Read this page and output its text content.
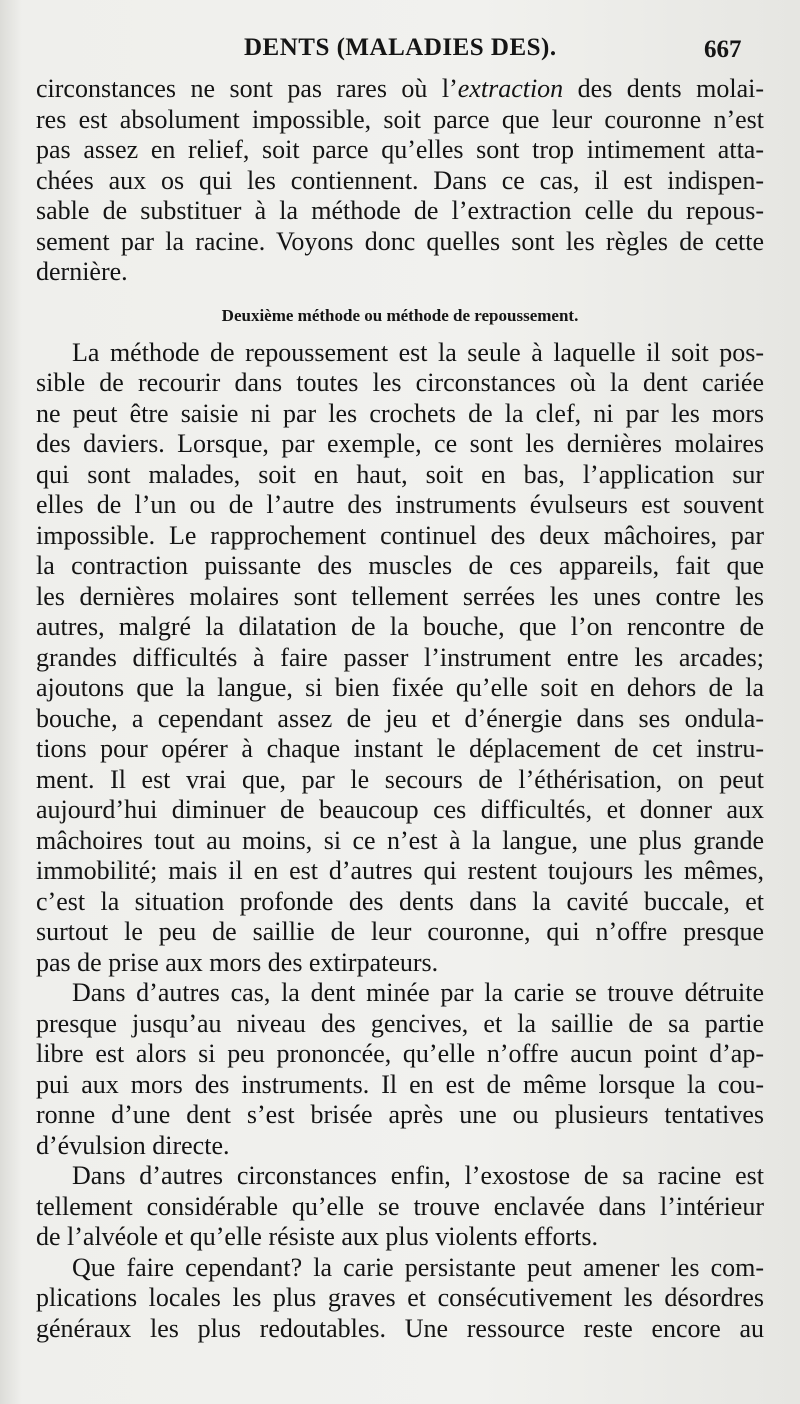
DENTS (MALADIES DES).	667
circonstances ne sont pas rares où l’extraction des dents molai-
res est absolument impossible, soit parce que leur couronne n’est
pas assez en relief, soit parce qu’elles sont trop intimement atta-
chées aux os qui les contiennent. Dans ce cas, il est indispen-
sable de substituer à la méthode de l’extraction celle du repous-
sement par la racine. Voyons donc quelles sont les règles de cette
dernière.
Deuxième méthode ou méthode de repoussement.
La méthode de repoussement est la seule à laquelle il soit pos-
sible de recourir dans toutes les circonstances où la dent cariée
ne peut être saisie ni par les crochets de la clef, ni par les mors
des daviers. Lorsque, par exemple, ce sont les dernières molaires
qui sont malades, soit en haut, soit en bas, l’application sur
elles de l’un ou de l’autre des instruments évulseurs est souvent
impossible. Le rapprochement continuel des deux mâchoires, par
la contraction puissante des muscles de ces appareils, fait que
les dernières molaires sont tellement serrées les unes contre les
autres, malgré la dilatation de la bouche, que l’on rencontre de
grandes difficultés à faire passer l’instrument entre les arcades;
ajoutons que la langue, si bien fixée qu’elle soit en dehors de la
bouche, a cependant assez de jeu et d’énergie dans ses ondula-
tions pour opérer à chaque instant le déplacement de cet instru-
ment. Il est vrai que, par le secours de l’éthérisation, on peut
aujourd’hui diminuer de beaucoup ces difficultés, et donner aux
mâchoires tout au moins, si ce n’est à la langue, une plus grande
immobilité; mais il en est d’autres qui restent toujours les mêmes,
c’est la situation profonde des dents dans la cavité buccale, et
surtout le peu de saillie de leur couronne, qui n’offre presque
pas de prise aux mors des extirpateurs.
Dans d’autres cas, la dent minée par la carie se trouve détruite
presque jusqu’au niveau des gencives, et la saillie de sa partie
libre est alors si peu prononcée, qu’elle n’offre aucun point d’ap-
pui aux mors des instruments. Il en est de même lorsque la cou-
ronne d’une dent s’est brisée après une ou plusieurs tentatives
d’évulsion directe.
Dans d’autres circonstances enfin, l’exostose de sa racine est
tellement considérable qu’elle se trouve enclavée dans l’intérieur
de l’alvéole et qu’elle résiste aux plus violents efforts.
Que faire cependant? la carie persistante peut amener les com-
plications locales les plus graves et consécutivement les désordres
généraux les plus redoutables. Une ressource reste encore au
